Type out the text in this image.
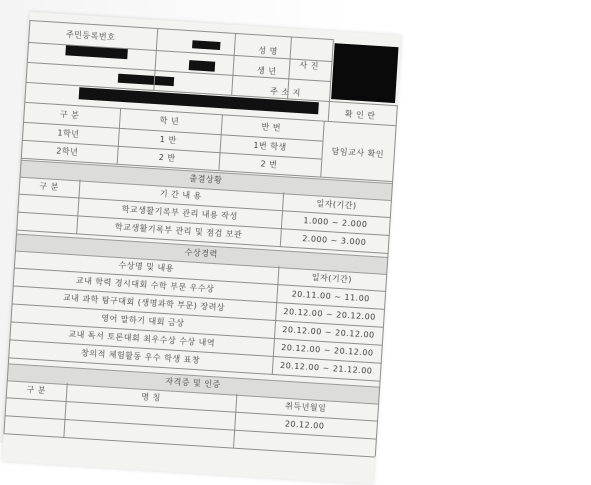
주민등록번호
성 명
생 년
사 진
주 소 지
확 인 란
구 분
학 년
반 번
1학년
1 반
1번 학생
2학년
2 반
2 번
담임교사 확인
출결상황
구 분
기 간 내 용
일자(기간)
학교생활기록부 관리 내용 작성
1.000 ~ 2.000
학교생활기록부 관리 및 점검 보관
2.000 ~ 3.000
수상경력
수상명 및 내용
일자(기간)
교내 학력 경시대회 수학 부문 우수상
20.11.00 ~ 11.00
교내 과학 탐구대회 (생명과학 부문) 장려상
20.12.00 ~ 20.12.00
영어 말하기 대회 금상
20.12.00 ~ 20.12.00
교내 독서 토론대회 최우수상 수상 내역
20.12.00 ~ 20.12.00
창의적 체험활동 우수 학생 표창
20.12.00 ~ 21.12.00
자격증 및 인증
구 분
명 칭
취득년월일
20.12.00
